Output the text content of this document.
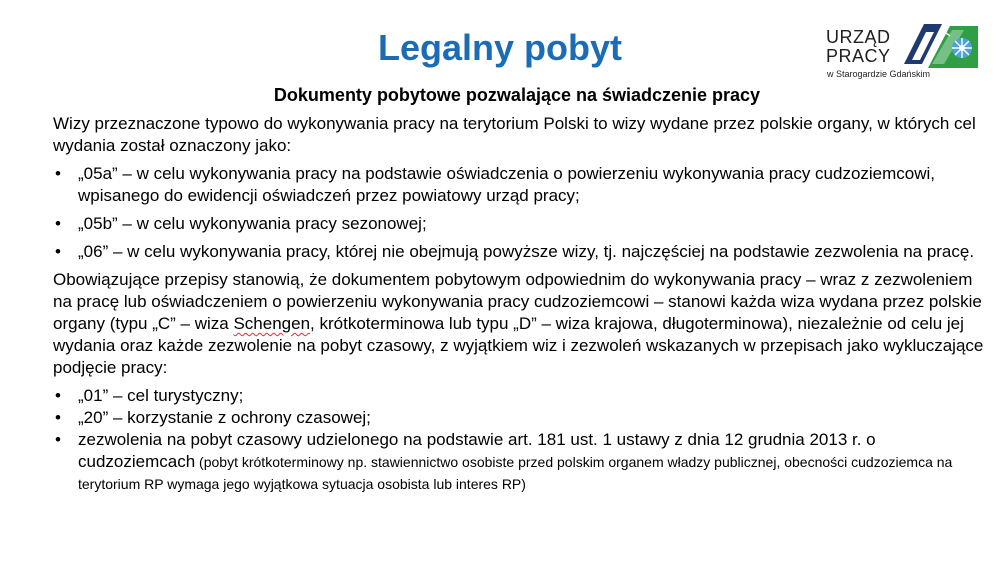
Legalny pobyt	URZĄD
PRACY
w Starogardzie Gdańskim
Dokumenty pobytowe pozwalające na świadczenie pracy

Wizy przeznaczone typowo do wykonywania pracy na terytorium Polski to wizy wydane przez polskie organy, w których cel wydania został oznaczony jako:

• „05a” – w celu wykonywania pracy na podstawie oświadczenia o powierzeniu wykonywania pracy cudzoziemcowi, wpisanego do ewidencji oświadczeń przez powiatowy urząd pracy;
• „05b” – w celu wykonywania pracy sezonowej;
• „06” – w celu wykonywania pracy, której nie obejmują powyższe wizy, tj. najczęściej na podstawie zezwolenia na pracę.

Obowiązujące przepisy stanowią, że dokumentem pobytowym odpowiednim do wykonywania pracy – wraz z zezwoleniem na pracę lub oświadczeniem o powierzeniu wykonywania pracy cudzoziemcowi – stanowi każda wiza wydana przez polskie organy (typu „C” – wiza Schengen, krótkoterminowa lub typu „D” – wiza krajowa, długoterminowa), niezależnie od celu jej wydania oraz każde zezwolenie na pobyt czasowy, z wyjątkiem wiz i zezwoleń wskazanych w przepisach jako wykluczające podjęcie pracy:

• „01” – cel turystyczny;
• „20” – korzystanie z ochrony czasowej;
• zezwolenia na pobyt czasowy udzielonego na podstawie art. 181 ust. 1 ustawy z dnia 12 grudnia 2013 r. o cudzoziemcach (pobyt krótkoterminowy np. stawiennictwo osobiste przed polskim organem władzy publicznej, obecności cudzoziemca na terytorium RP wymaga jego wyjątkowa sytuacja osobista lub interes RP)
